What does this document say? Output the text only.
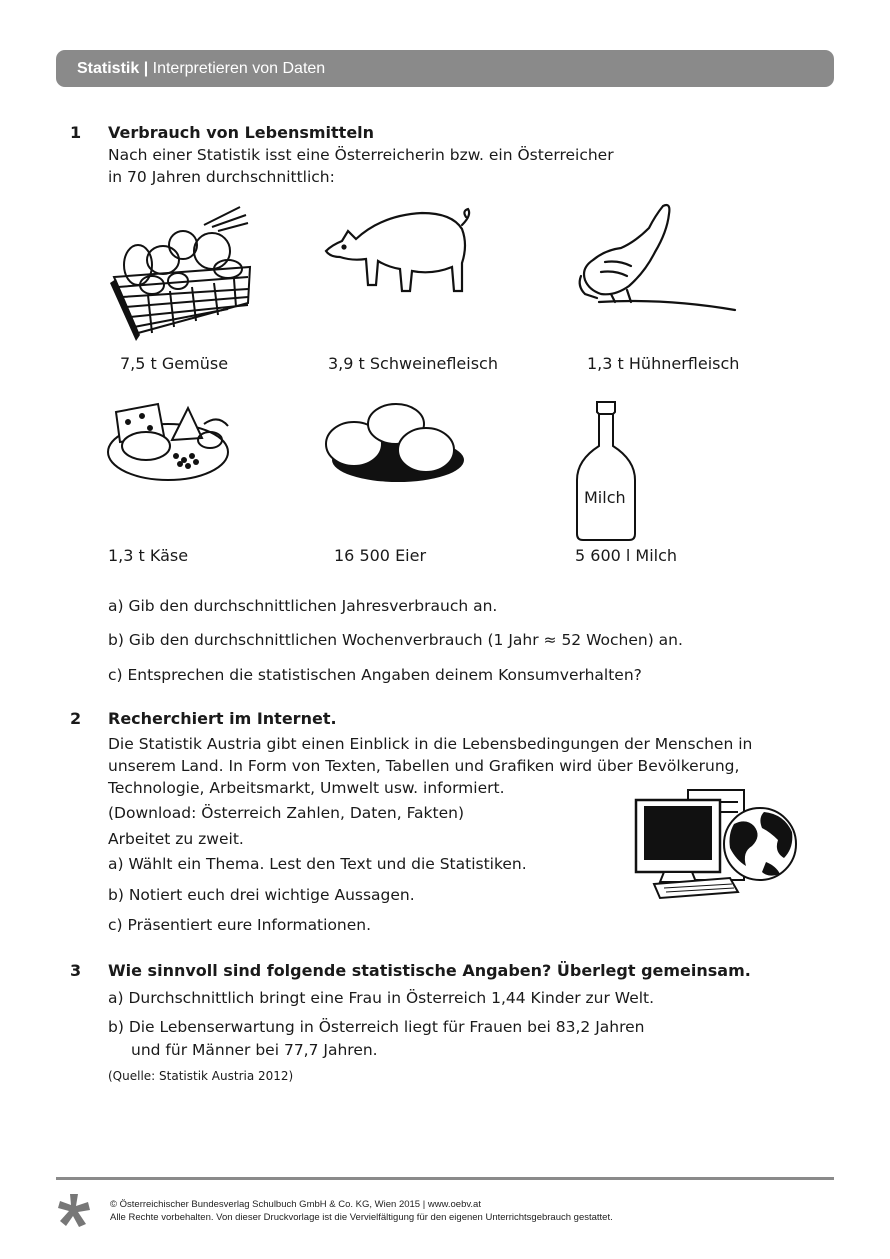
Statistik | Interpretieren von Daten
1 Verbrauch von Lebensmitteln
Nach einer Statistik isst eine Österreicherin bzw. ein Österreicher
in 70 Jahren durchschnittlich:
7,5 t Gemüse	3,9 t Schweinefleisch	1,3 t Hühnerfleisch
Milch
1,3 t Käse	16 500 Eier	5 600 l Milch
a) Gib den durchschnittlichen Jahresverbrauch an.
b) Gib den durchschnittlichen Wochenverbrauch (1 Jahr ≈ 52 Wochen) an.
c) Entsprechen die statistischen Angaben deinem Konsumverhalten?
2 Recherchiert im Internet.
Die Statistik Austria gibt einen Einblick in die Lebensbedingungen der Menschen in
unserem Land. In Form von Texten, Tabellen und Grafiken wird über Bevölkerung,
Technologie, Arbeitsmarkt, Umwelt usw. informiert.
(Download: Österreich Zahlen, Daten, Fakten)
Arbeitet zu zweit.
a) Wählt ein Thema. Lest den Text und die Statistiken.
b) Notiert euch drei wichtige Aussagen.
c) Präsentiert eure Informationen.
3 Wie sinnvoll sind folgende statistische Angaben? Überlegt gemeinsam.
a) Durchschnittlich bringt eine Frau in Österreich 1,44 Kinder zur Welt.
b) Die Lebenserwartung in Österreich liegt für Frauen bei 83,2 Jahren
und für Männer bei 77,7 Jahren.
(Quelle: Statistik Austria 2012)
© Österreichischer Bundesverlag Schulbuch GmbH & Co. KG, Wien 2015 | www.oebv.at
Alle Rechte vorbehalten. Von dieser Druckvorlage ist die Vervielfältigung für den eigenen Unterrichtsgebrauch gestattet.
